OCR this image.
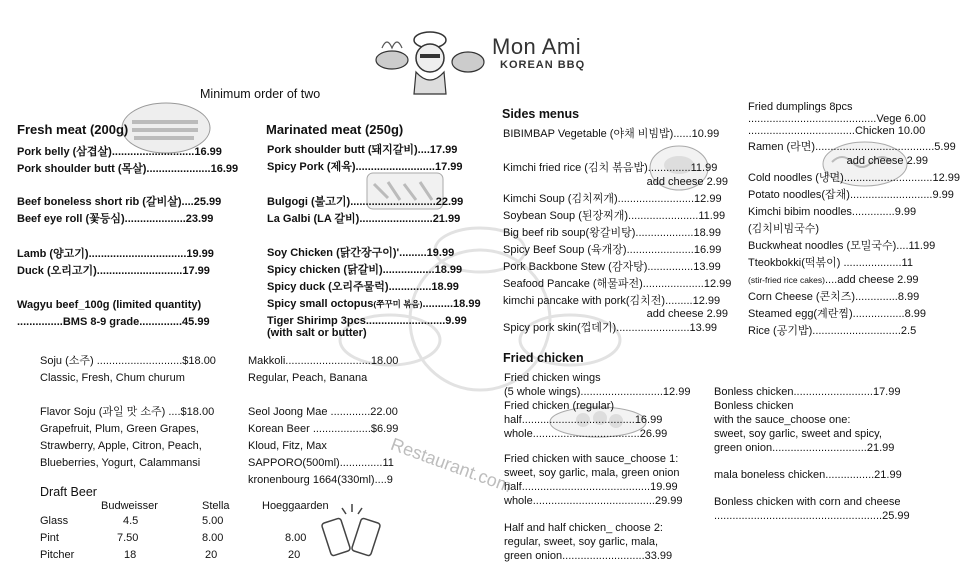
Mon Ami
KOREAN BBQ
Minimum order of two
Restaurant.com
Fresh meat (200g)
Pork belly (삼겹살)...........................16.99
Pork shoulder butt (목살).....................16.99
Beef boneless short rib (갈비살)....25.99
Beef eye roll (꽃등심)....................23.99
Lamb (양고기)................................19.99
Duck (오리고기)............................17.99
Wagyu beef_100g (limited quantity)
...............BMS 8-9 grade..............45.99
Marinated meat (250g)
Pork shoulder butt (돼지갈비)....17.99
Spicy Pork (제육)..........................17.99
Bulgogi (불고기)............................22.99
La Galbi (LA 갈비)........................21.99
Soy Chicken (닭간장구이)'.........19.99
Spicy chicken (닭갈비).................18.99
Spicy duck (오리주물럭)..............18.99
Spicy small octopus(쭈꾸미 볶음)..........18.99
Tiger Shirimp 3pcs..........................9.99
(with salt or butter)
Soju (소주) ............................$18.00
Classic, Fresh, Chum churum
Flavor Soju (과일 맛 소주) ....$18.00
Grapefruit, Plum, Green Grapes,
Strawberry, Apple, Citron, Peach,
Blueberries, Yogurt, Calammansi
Makkoli............................18.00
Regular, Peach, Banana
Seol Joong Mae .............22.00
Korean Beer ...................$6.99
Kloud, Fitz, Max
SAPPORO(500ml)..............11
kronenbourg 1664(330ml)....9
Draft Beer
Budweisser	Stella	Hoeggaarden
Glass	4.5	5.00
Pint	7.50	8.00	8.00
Pitcher	18	20	20
Sides menus
BIBIMBAP Vegetable (야채 비빔밥)......10.99
Kimchi fried rice (김치 볶음밥)..............11.99
add cheese 2.99
Kimchi Soup (김치찌개).........................12.99
Soybean Soup (된장찌개).......................11.99
Big beef rib soup(왕갈비탕)...................18.99
Spicy Beef Soup (육개장)......................16.99
Pork Backbone Stew (감자탕)...............13.99
Seafood Pancake (해물파전)....................12.99
kimchi pancake with pork(김치전).........12.99
add cheese 2.99
Spicy pork skin(껍데기)........................13.99
Fried dumplings 8pcs
..........................................Vege 6.00
...................................Chicken 10.00
Ramen (라면).......................................5.99
add cheese 2.99
Cold noodles (냉면).............................12.99
Potato noodles(잡채)...........................9.99
Kimchi bibim noodles..............9.99
(김치비빔국수)
Buckwheat noodles (모밀국수)....11.99
Tteokbokki(떡볶이) ...................11
(stir-fried rice cakes)....add cheese 2.99
Corn Cheese (콘치즈)..............8.99
Steamed egg(계란찜).................8.99
Rice (공기밥).............................2.5
Fried chicken
Fried chicken wings
(5 whole wings)...........................12.99
Fried chicken (regular)
half.....................................16.99
whole...................................26.99
Fried chicken with sauce_choose 1:
sweet, soy garlic, mala, green onion
half..........................................19.99
whole........................................29.99
Half and half chicken_ choose 2:
regular, sweet, soy garlic, mala,
green onion...........................33.99
Bonless chicken..........................17.99
Bonless chicken
with the sauce_choose one:
sweet, soy garlic, sweet and spicy,
green onion...............................21.99
mala boneless chicken................21.99
Bonless chicken with corn and cheese
.......................................................25.99
